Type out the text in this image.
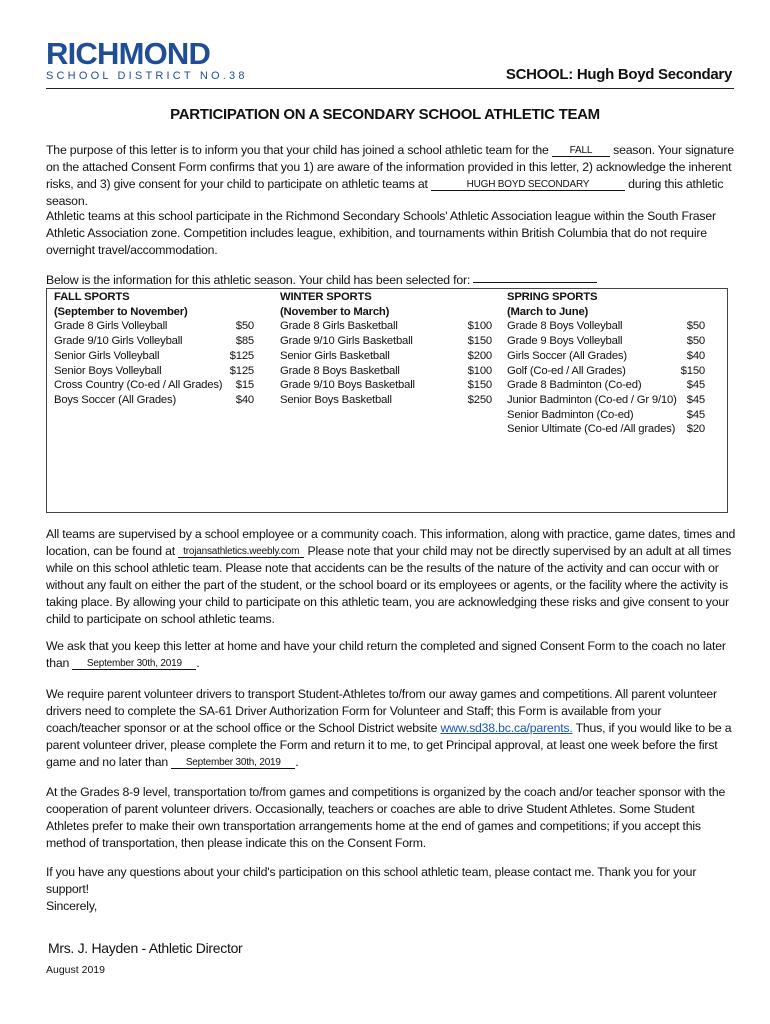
RICHMOND
SCHOOL DISTRICT NO.38	SCHOOL: Hugh Boyd Secondary
PARTICIPATION ON A SECONDARY SCHOOL ATHLETIC TEAM
The purpose of this letter is to inform you that your child has joined a school athletic team for the FALL season. Your signature on the attached Consent Form confirms that you 1) are aware of the information provided in this letter, 2) acknowledge the inherent risks, and 3) give consent for your child to participate on athletic teams at	HUGH BOYD SECONDARY	during this athletic season.
Athletic teams at this school participate in the Richmond Secondary Schools' Athletic Association league within the South Fraser Athletic Association zone. Competition includes league, exhibition, and tournaments within British Columbia that do not require overnight travel/accommodation.
Below is the information for this athletic season. Your child has been selected for:
FALL SPORTS
(September to November)
Grade 8 Girls Volleyball	$50
Grade 9/10 Girls Volleyball	$85
Senior Girls Volleyball	$125
Senior Boys Volleyball	$125
Cross Country (Co-ed / All Grades) $15
Boys Soccer (All Grades)	$40
WINTER SPORTS
(November to March)
Grade 8 Girls Basketball	$100
Grade 9/10 Girls Basketball	$150
Senior Girls Basketball	$200
Grade 8 Boys Basketball	$100
Grade 9/10 Boys Basketball	$150
Senior Boys Basketball	$250
SPRING SPORTS
(March to June)
Grade 8 Boys Volleyball	$50
Grade 9 Boys Volleyball	$50
Girls Soccer (All Grades)	$40
Golf (Co-ed / All Grades)	$150
Grade 8 Badminton (Co-ed)	$45
Junior Badminton (Co-ed / Gr 9/10) $45
Senior Badminton (Co-ed)	$45
Senior Ultimate (Co-ed /All grades) $20
All teams are supervised by a school employee or a community coach. This information, along with practice, game dates, times and location, can be found at trojansathletics.weebly.com Please note that your child may not be directly supervised by an adult at all times while on this school athletic team. Please note that accidents can be the results of the nature of the activity and can occur with or without any fault on either the part of the student, or the school board or its employees or agents, or the facility where the activity is taking place. By allowing your child to participate on this athletic team, you are acknowledging these risks and give consent to your child to participate on school athletic teams.
We ask that you keep this letter at home and have your child return the completed and signed Consent Form to the coach no later than September 30th, 2019 .
We require parent volunteer drivers to transport Student-Athletes to/from our away games and competitions. All parent volunteer drivers need to complete the SA-61 Driver Authorization Form for Volunteer and Staff; this Form is available from your coach/teacher sponsor or at the school office or the School District website www.sd38.bc.ca/parents. Thus, if you would like to be a parent volunteer driver, please complete the Form and return it to me, to get Principal approval, at least one week before the first game and no later than September 30th, 2019 .
At the Grades 8-9 level, transportation to/from games and competitions is organized by the coach and/or teacher sponsor with the cooperation of parent volunteer drivers. Occasionally, teachers or coaches are able to drive Student Athletes. Some Student Athletes prefer to make their own transportation arrangements home at the end of games and competitions; if you accept this method of transportation, then please indicate this on the Consent Form.
If you have any questions about your child's participation on this school athletic team, please contact me. Thank you for your support!
Sincerely,
Mrs. J. Hayden - Athletic Director
August 2019
